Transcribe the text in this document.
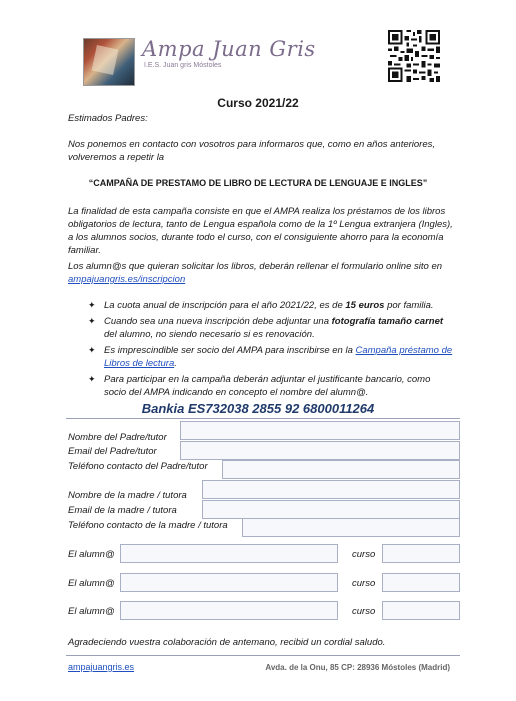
Ampa Juan Gris
I.E.S. Juan gris Móstoles
Curso 2021/22
Estimados Padres:
Nos ponemos en contacto con vosotros para informaros que, como en años anteriores, volveremos a repetir la
“CAMPAÑA DE PRESTAMO DE LIBRO DE LECTURA DE LENGUAJE E INGLES”
La finalidad de esta campaña consiste en que el AMPA realiza los préstamos de los libros obligatorios de lectura, tanto de Lengua española como de la 1º Lengua extranjera (Ingles), a los alumnos socios, durante todo el curso, con el consiguiente ahorro para la economía familiar.
Los alumn@s que quieran solicitar los libros, deberán rellenar el formulario online sito en ampajuangris.es/inscripcion
✦ La cuota anual de inscripción para el año 2021/22, es de 15 euros por familia.
✦ Cuando sea una nueva inscripción debe adjuntar una fotografía tamaño carnet del alumno, no siendo necesario si es renovación.
✦ Es imprescindible ser socio del AMPA para inscribirse en la Campaña préstamo de Libros de lectura.
✦ Para participar en la campaña deberán adjuntar el justificante bancario, como socio del AMPA indicando en concepto el nombre del alumn@.
Bankia ES732038 2855 92 6800011264
Nombre del Padre/tutor
Email del Padre/tutor
Teléfono contacto del Padre/tutor
Nombre de la madre / tutora
Email de la madre / tutora
Teléfono contacto de la madre / tutora
El alumn@	curso
El alumn@	curso
El alumn@	curso
Agradeciendo vuestra colaboración de antemano, recibid un cordial saludo.
ampajuangris.es	Avda. de la Onu, 85 CP: 28936 Móstoles (Madrid)
